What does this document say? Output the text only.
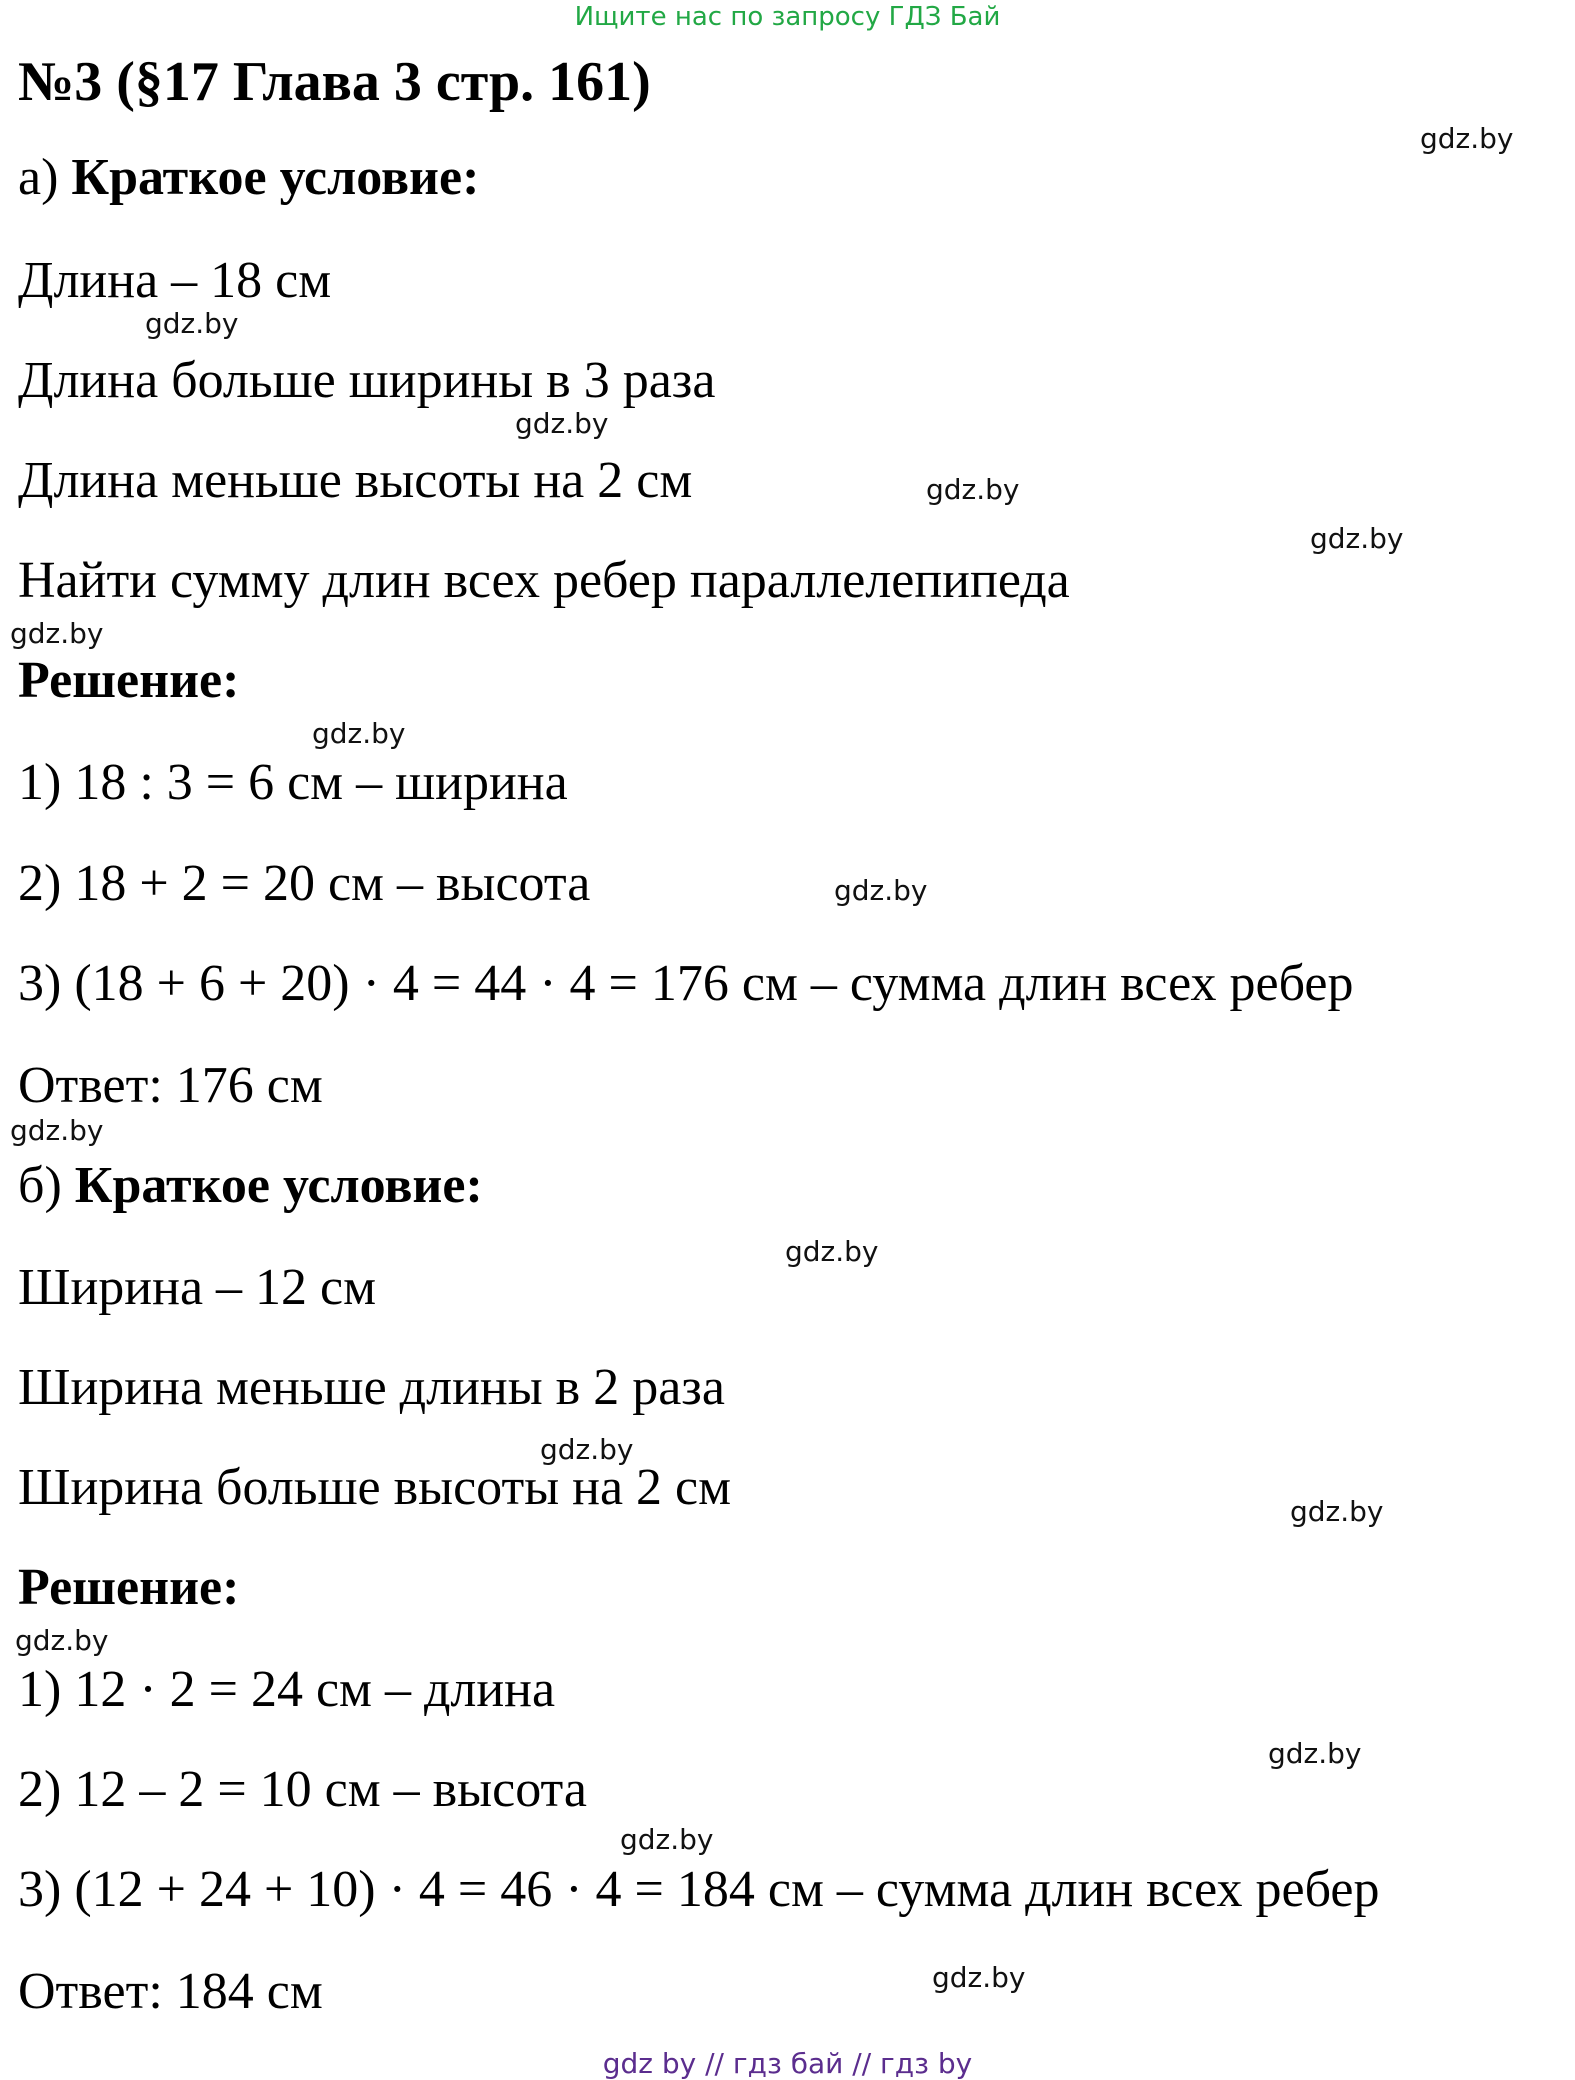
Ищите нас по запросу ГДЗ Бай
№3 (§17 Глава 3 стр. 161)
а) Краткое условие:
Длина – 18 см
Длина больше ширины в 3 раза
Длина меньше высоты на 2 см
Найти сумму длин всех ребер параллелепипеда
Решение:
1) 18 : 3 = 6 см – ширина
2) 18 + 2 = 20 см – высота
3) (18 + 6 + 20) · 4 = 44 · 4 = 176 см – сумма длин всех ребер
Ответ: 176 см
б) Краткое условие:
Ширина – 12 см
Ширина меньше длины в 2 раза
Ширина больше высоты на 2 см
Решение:
1) 12 · 2 = 24 см – длина
2) 12 – 2 = 10 см – высота
3) (12 + 24 + 10) · 4 = 46 · 4 = 184 см – сумма длин всех ребер
Ответ: 184 см
gdz.by
gdz.by
gdz.by
gdz.by
gdz.by
gdz.by
gdz.by
gdz.by
gdz.by
gdz.by
gdz.by
gdz.by
gdz.by
gdz.by
gdz.by
gdz.by
gdz by // гдз бай // гдз by
